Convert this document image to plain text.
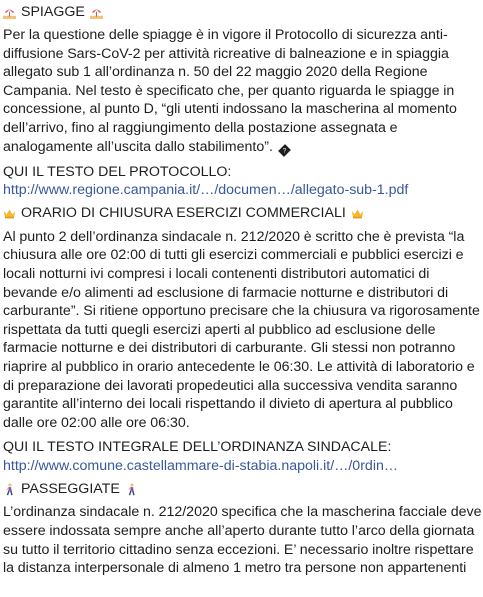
SPIAGGE

Per la questione delle spiagge è in vigore il Protocollo di sicurezza anti-
diffusione Sars-CoV-2 per attività ricreative di balneazione e in spiaggia
allegato sub 1 all’ordinanza n. 50 del 22 maggio 2020 della Regione
Campania. Nel testo è specificato che, per quanto riguarda le spiagge in
concessione, al punto D, “gli utenti indossano la mascherina al momento
dell’arrivo, fino al raggiungimento della postazione assegnata e
analogamente all’uscita dallo stabilimento”. ?

QUI IL TESTO DEL PROTOCOLLO:

http://www.regione.campania.it/…/documen…/allegato-sub-1.pdf
ORARIO DI CHIUSURA ESERCIZI COMMERCIALI

Al punto 2 dell’ordinanza sindacale n. 212/2020 è scritto che è prevista “la
chiusura alle ore 02:00 di tutti gli esercizi commerciali e pubblici esercizi e
locali notturni ivi compresi i locali contenenti distributori automatici di
bevande e/o alimenti ad esclusione di farmacie notturne e distributori di
carburante”. Si ritiene opportuno precisare che la chiusura va rigorosamente
rispettata da tutti quegli esercizi aperti al pubblico ad esclusione delle
farmacie notturne e dei distributori di carburante. Gli stessi non potranno
riaprire al pubblico in orario antecedente le 06:30. Le attività di laboratorio e
di preparazione dei lavorati propedeutici alla successiva vendita saranno
garantite all’interno dei locali rispettando il divieto di apertura al pubblico
dalle ore 02:00 alle ore 06:30.

QUI IL TESTO INTEGRALE DELL’ORDINANZA SINDACALE:

http://www.comune.castellammare-di-stabia.napoli.it/…/0rdin…
PASSEGGIATE

L’ordinanza sindacale n. 212/2020 specifica che la mascherina facciale deve
essere indossata sempre anche all’aperto durante tutto l’arco della giornata
su tutto il territorio cittadino senza eccezioni. E’ necessario inoltre rispettare
la distanza interpersonale di almeno 1 metro tra persone non appartenenti
